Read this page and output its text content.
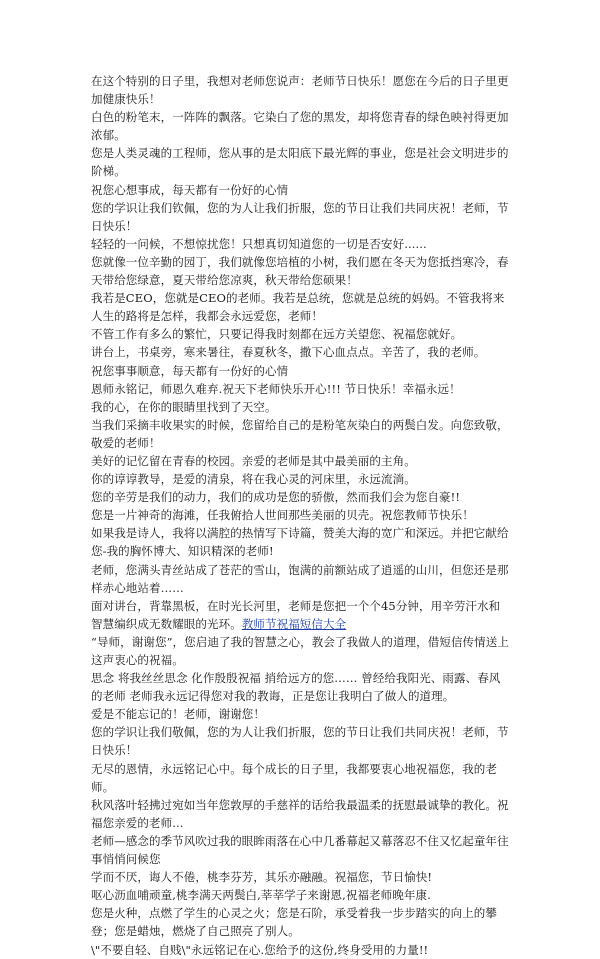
在这个特别的日子里，我想对老师您说声：老师节日快乐！愿您在今后的日子里更加健康快乐！

白色的粉笔末，一阵阵的飘落。它染白了您的黑发，却将您青春的绿色映衬得更加浓郁。

您是人类灵魂的工程师，您从事的是太阳底下最光辉的事业，您是社会文明进步的阶梯。

祝您心想事成，每天都有一份好的心情

您的学识让我们钦佩，您的为人让我们折服，您的节日让我们共同庆祝！老师，节日快乐！

轻轻的一问候，不想惊扰您！只想真切知道您的一切是否安好......

您就像一位辛勤的园丁，我们就像您培植的小树，我们愿在冬天为您抵挡寒冷，春天带给您绿意，夏天带给您凉爽，秋天带给您硕果！

我若是CEO，您就是CEO的老师。我若是总统，您就是总统的妈妈。不管我将来人生的路将是怎样，我都会永远爱您，老师！

不管工作有多么的繁忙，只要记得我时刻都在远方关望您、祝福您就好。

讲台上，书桌旁，寒来暑往，春夏秋冬，撒下心血点点。辛苦了，我的老师。

祝您事事顺意，每天都有一份好的心情

恩师永铭记，师恩久难弃.祝天下老师快乐开心!!! 节日快乐！幸福永远！

我的心，在你的眼睛里找到了天空。

当我们采摘丰收果实的时候，您留给自己的是粉笔灰染白的两鬓白发。向您致敬，敬爱的老师！

美好的记忆留在青春的校园。亲爱的老师是其中最美丽的主角。

你的谆谆教导，是爱的清泉，将在我心灵的河床里，永远流淌。

您的辛劳是我们的动力，我们的成功是您的骄傲，然而我们会为您自豪!!

您是一片神奇的海滩，任我俯拾人世间那些美丽的贝壳。祝您教师节快乐！

如果我是诗人，我将以满腔的热情写下诗篇，赞美大海的宽广和深远。并把它献给您-我的胸怀博大、知识精深的老师!

老师，您满头青丝站成了苍茫的雪山，饱满的前额站成了逍遥的山川，但您还是那样赤心地站着……

面对讲台，背靠黑板，在时光长河里，老师是您把一个个45分钟，用辛劳汗水和智慧编织成无数耀眼的光环。教师节祝福短信大全

“导师，谢谢您”，您启迪了我的智慧之心，教会了我做人的道理，借短信传情送上这声衷心的祝福。

思念 将我丝丝思念 化作殷殷祝福 捎给远方的您…… 曾经给我阳光、雨露、春风的老师 老师我永远记得您对我的教诲，正是您让我明白了做人的道理。

爱是不能忘记的！老师，谢谢您！

您的学识让我们敬佩，您的为人让我们折服，您的节日让我们共同庆祝！老师，节日快乐！

无尽的恩情，永远铭记心中。每个成长的日子里，我都要衷心地祝福您，我的老师。

秋风落叶轻拂过宛如当年您敦厚的手慈祥的话给我最温柔的抚慰最诚挚的教化。祝福您亲爱的老师...

老师—感念的季节风吹过我的眼眸雨落在心中几番幕起又幕落忍不住又忆起童年往事悄悄问候您

学而不厌，诲人不倦，桃李芬芳，其乐亦融融。祝福您，节日愉快!

呕心沥血哺顽童,桃李满天两鬓白,莘莘学子来谢恩,祝福老师晚年康.

您是火种，点燃了学生的心灵之火；您是石阶，承受着我一步步踏实的向上的攀登；您是蜡烛，燃烧了自己照亮了别人。

\"不要自轻、自贱\"永远铭记在心.您给予的这份,终身受用的力量!!
